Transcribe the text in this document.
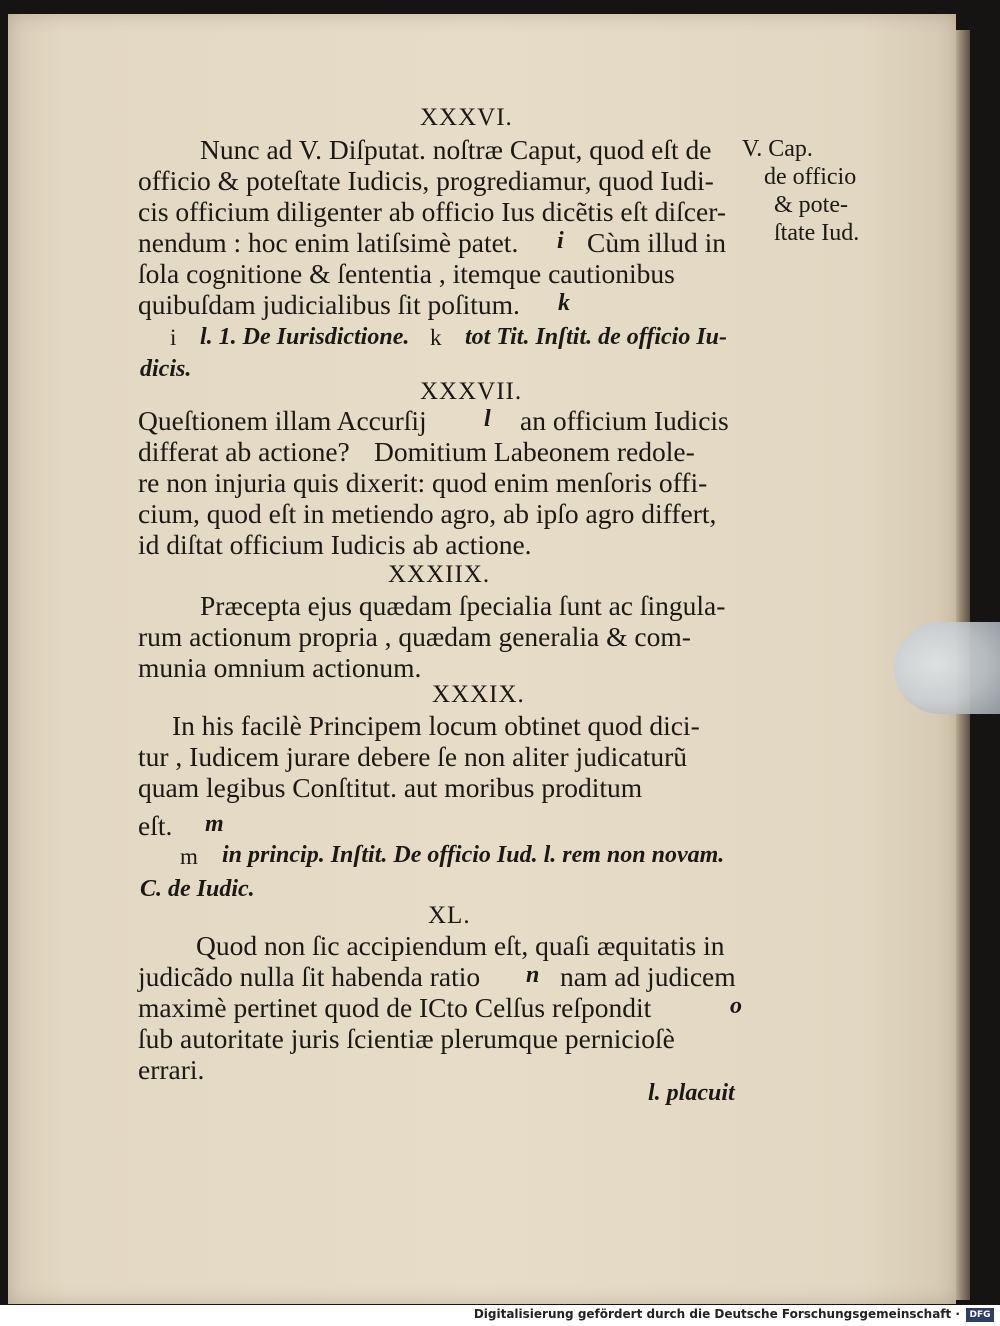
XXXVI.
Nunc ad V. Diſputat. noſtræ Caput, quod eſt de
officio & poteſtate Iudicis, progrediamur, quod Iudi-
cis officium diligenter ab officio Ius dicẽtis eſt diſcer-
nendum : hoc enim latiſsimè patet. i Cùm illud in
ſola cognitione & ſententia , itemque cautionibus
quibuſdam judicialibus ſit poſitum. k
V. Cap.
de officio
& pote-
ſtate Iud.
i l. 1. De Iurisdictione. k tot Tit. Inſtit. de officio Iu-
dicis.
XXXVII.
Queſtionem illam Accurſij l an officium Iudicis
differat ab actione? Domitium Labeonem redole-
re non injuria quis dixerit: quod enim menſoris offi-
cium, quod eſt in metiendo agro, ab ipſo agro differt,
id diſtat officium Iudicis ab actione.
XXXIIX.
Præcepta ejus quædam ſpecialia ſunt ac ſingula-
rum actionum propria , quædam generalia & com-
munia omnium actionum.
XXXIX.
In his facilè Principem locum obtinet quod dici-
tur , Iudicem jurare debere ſe non aliter judicaturũ
quam legibus Conſtitut. aut moribus proditum
eſt. m
m in princip. Inſtit. De officio Iud. l. rem non novam.
C. de Iudic.
XL.
Quod non ſic accipiendum eſt, quaſi æquitatis in
judicãdo nulla ſit habenda ratio n nam ad judicem
maximè pertinet quod de ICto Celſus reſpondit	o
ſub autoritate juris ſcientiæ plerumque pernicioſè
errari.
l. placuit
Digitalisierung gefördert durch die Deutsche Forschungsgemeinschaft ·	DFG
